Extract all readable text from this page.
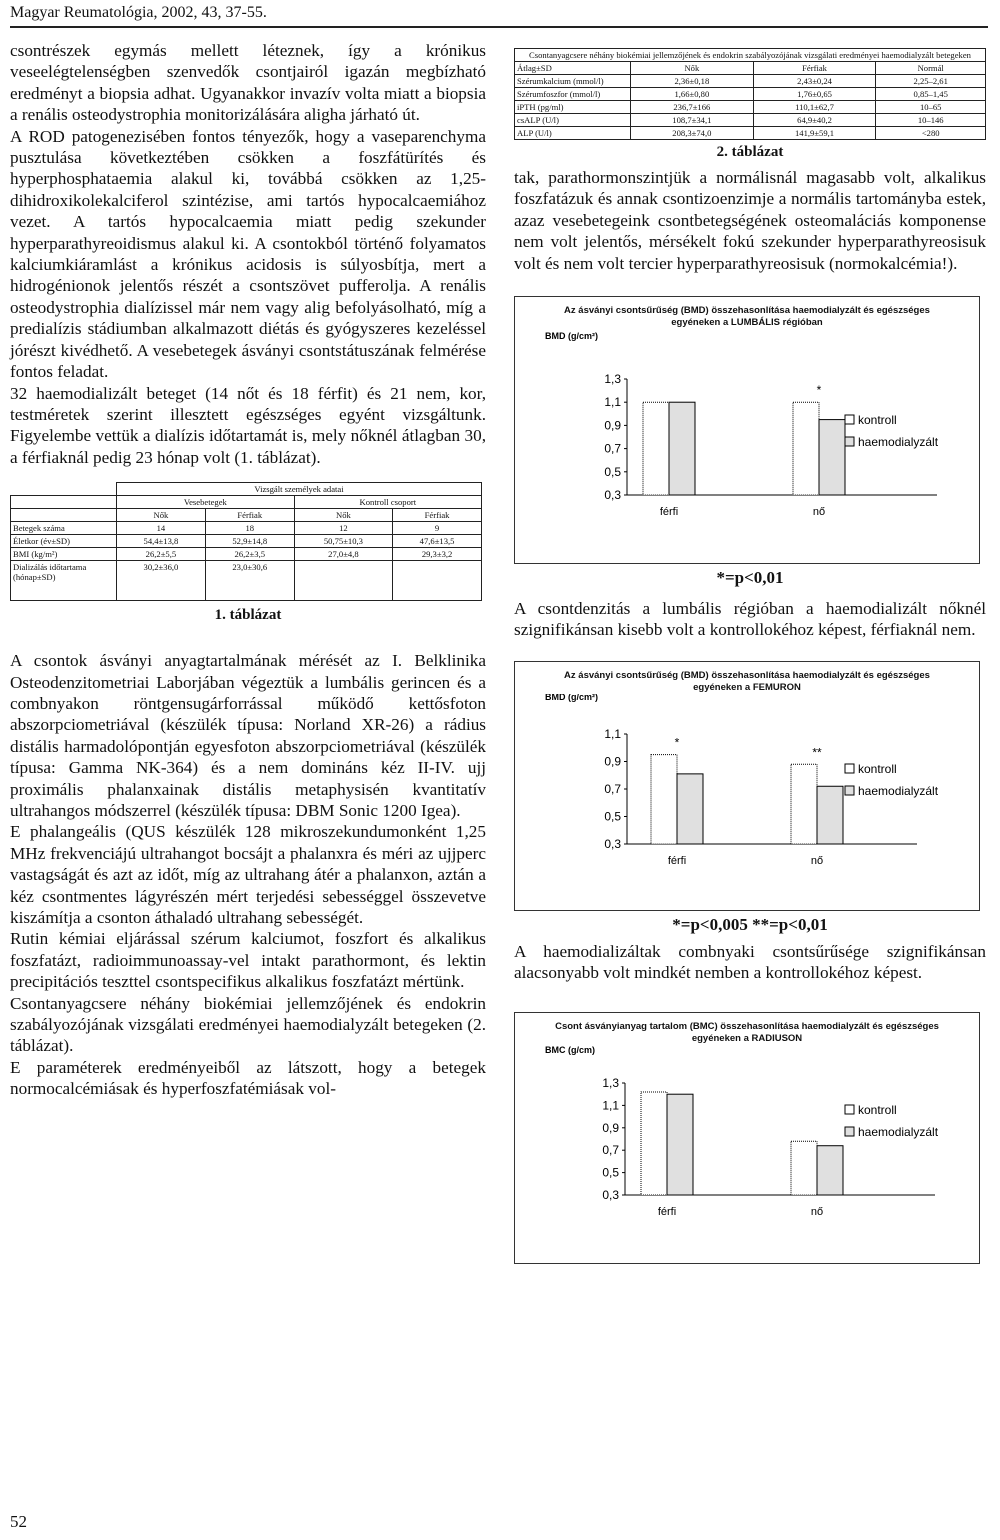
Magyar Reumatológia, 2002, 43, 37-55.

csontrészek egymás mellett léteznek, így a krónikus veseelégtelenségben szenvedők csontjairól igazán megbízható eredményt a biopsia adhat. Ugyanakkor invazív volta miatt a biopsia a renális osteodystrophia monitorizálására aligha járható út.

A ROD patogenezisében fontos tényezők, hogy a vaseparenchyma pusztulása következtében csökken a foszfátürítés és hyperphosphataemia alakul ki, továbbá csökken az 1,25-dihidroxikolekalciferol szintézise, ami tartós hypocalcaemiához vezet. A tartós hypocalcaemia miatt pedig szekunder hyperparathyreoidismus alakul ki. A csontokból történő folyamatos kalciumkiáramlást a krónikus acidosis is súlyosbítja, mert a hidrogénionok jelentős részét a csontszövet pufferolja. A renális osteodystrophia dialízissel már nem vagy alig befolyásolható, míg a predialízis stádiumban alkalmazott diétás és gyógyszeres kezeléssel jórészt kivédhető. A vesebetegek ásványi csontstátuszának felmérése fontos feladat.

32 haemodializált beteget (14 nőt és 18 férfit) és 21 nem, kor, testméretek szerint illesztett egészséges egyént vizsgáltunk. Figyelembe vettük a dialízis időtartamát is, mely nőknél átlagban 30, a férfiaknál pedig 23 hónap volt (1. táblázat).

	Vizsgált személyek adatai			
	Vesebetegek		Kontroll csoport	
	Nők	Férfiak	Nők	Férfiak
Betegek száma	14	18	12	9
Életkor (év±SD)	54,4±13,8	52,9±14,8	50,75±10,3	47,6±13,5
BMI (kg/m²)	26,2±5,5	26,2±3,5	27,0±4,8	29,3±3,2
Dializálás időtartama (hónap±SD)	30,2±36,0	23,0±30,6		
1. táblázat

A csontok ásványi anyagtartalmának mérését az I. Belklinika Osteodenzitometriai Laborjában végeztük a lumbális gerincen és a combnyakon röntgensugárforrással működő kettősfoton abszorpciometriával (készülék típusa: Norland XR-26) a rádius distális harmadolópontján egyesfoton abszorpciometriával (készülék típusa: Gamma NK-364) és a nem domináns kéz II-IV. ujj proximális phalanxainak distális metaphysisén kvantitatív ultrahangos módszerrel (készülék típusa: DBM Sonic 1200 Igea).

E phalangeális (QUS készülék 128 mikroszekundumonként 1,25 MHz frekvenciájú ultrahangot bocsájt a phalanxra és méri az ujjperc vastagságát és azt az időt, míg az ultrahang átér a phalanxon, aztán a kéz csontmentes lágyrészén mért terjedési sebességgel összevetve kiszámítja a csonton áthaladó ultrahang sebességét.

Rutin kémiai eljárással szérum kalciumot, foszfort és alkalikus foszfatázt, radioimmunoassay-vel intakt parathormont, és lektin precipitációs teszttel csontspecifikus alkalikus foszfatázt mértünk.

Csontanyagcsere néhány biokémiai jellemzőjének és endokrin szabályozójának vizsgálati eredményei haemodialyzált betegeken (2. táblázat).

E paraméterek eredményeiből az látszott, hogy a betegek normocalcémiásak és hyperfoszfatémiásak vol-

Csontanyagcsere néhány biokémiai jellemzőjének és endokrin szabályozójának vizsgálati eredményei haemodialyzált betegeken			
Átlag±SD	Nők	Férfiak	Normál
Szérumkalcium (mmol/l)	2,36±0,18	2,43±0,24	2,25–2,61
Szérumfoszfor (mmol/l)	1,66±0,80	1,76±0,65	0,85–1,45
iPTH (pg/ml)	236,7±166	110,1±62,7	10–65
csALP (U/l)	108,7±34,1	64,9±40,2	10–146
ALP (U/l)	208,3±74,0	141,9±59,1	<280
2. táblázat

tak, parathormonszintjük a normálisnál magasabb volt, alkalikus foszfatázuk és annak csontizoenzimje a normális tartományba estek, azaz vesebetegeink csontbetegségének osteomaláciás komponense nem volt jelentős, mérsékelt fokú szekunder hyperparathyreosisuk volt és nem volt tercier hyperparathyreosisuk (normokalcémia!).

Az ásványi csontsűrűség (BMD) összehasonlítása haemodialyzált és egészséges egyéneken a LUMBÁLIS régióban
BMD (g/cm²)
1,3
1,1
0,9
0,7
0,5
0,3
férfi	nő
*
kontroll
haemodialyzált
*=p<0,01

A csontdenzitás a lumbális régióban a haemodializált nőknél szignifikánsan kisebb volt a kontrollokéhoz képest, férfiaknál nem.

Az ásványi csontsűrűség (BMD) összehasonlítása haemodialyzált és egészséges egyéneken a FEMURON
BMD (g/cm²)
1,1
0,9
0,7
0,5
0,3
férfi
*
nő
**
kontroll
haemodialyzált
*=p<0,005 **=p<0,01

A haemodializáltak combnyaki csontsűrűsége szignifikánsan alacsonyabb volt mindkét nemben a kontrollokéhoz képest.

Csont ásványianyag tartalom (BMC) összehasonlítása haemodialyzált és egészséges egyéneken a RADIUSON
BMC (g/cm)
1,3
1,1
0,9
0,7
0,5
0,3
férfi	nő
kontroll
haemodialyzált
52
